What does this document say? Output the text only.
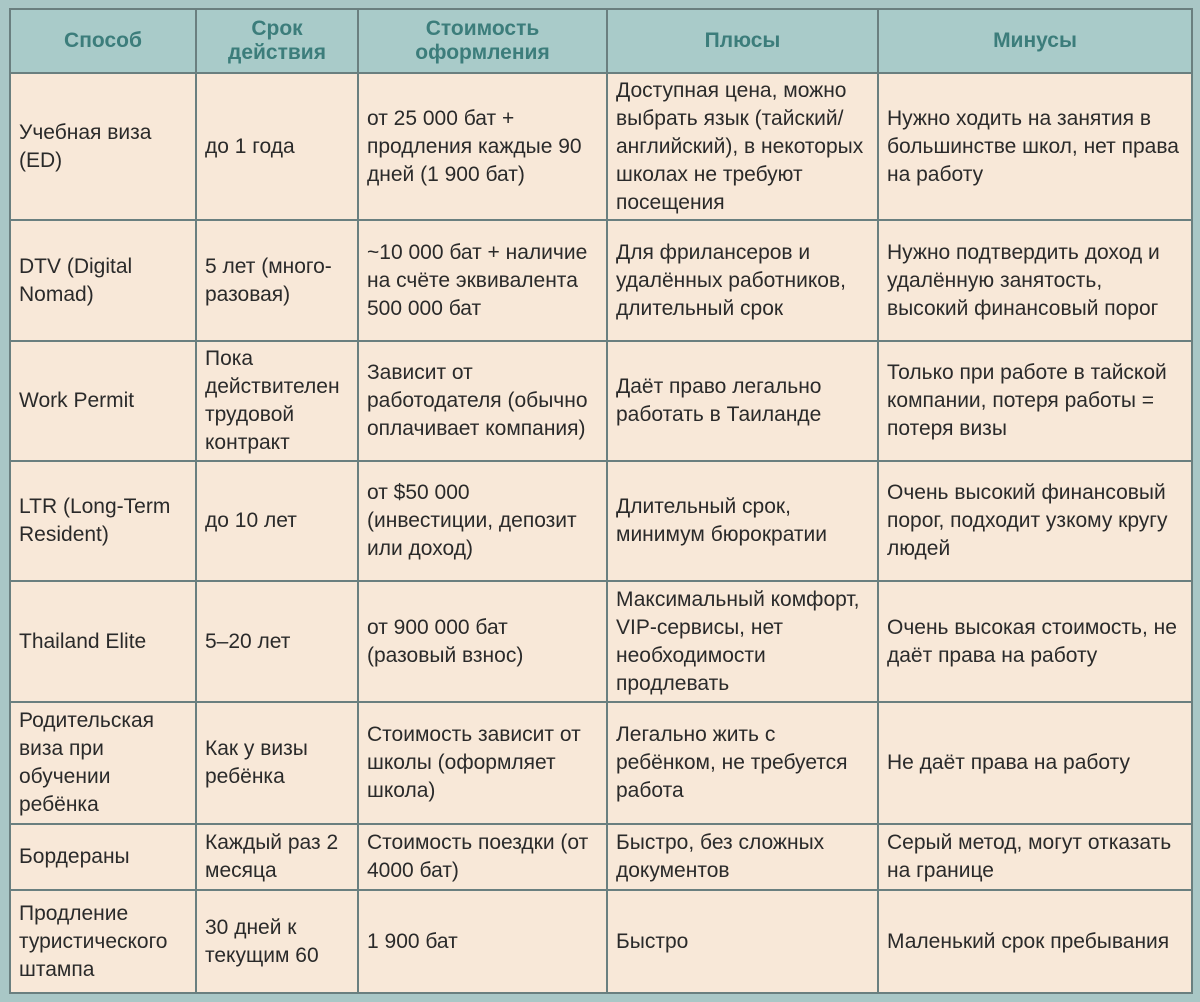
Способ	Срок действия	Стоимость оформления	Плюсы	Минусы
Учебная виза (ED)	до 1 года	от 25 000 бат + продления каждые 90 дней (1 900 бат)	Доступная цена, можно выбрать язык (тайский/английский), в некоторых школах не требуют посещения	Нужно ходить на занятия в большинстве школ, нет права на работу
DTV (Digital Nomad)	5 лет (много-разовая)	~10 000 бат + наличие на счёте эквивалента 500 000 бат	Для фрилансеров и удалённых работников, длительный срок	Нужно подтвердить доход и удалённую занятость, высокий финансовый порог
Work Permit	Пока действителен трудовой контракт	Зависит от работодателя (обычно оплачивает компания)	Даёт право легально работать в Таиланде	Только при работе в тайской компании, потеря работы = потеря визы
LTR (Long-Term Resident)	до 10 лет	от $50 000 (инвестиции, депозит или доход)	Длительный срок, минимум бюрократии	Очень высокий финансовый порог, подходит узкому кругу людей
Thailand Elite	5–20 лет	от 900 000 бат (разовый взнос)	Максимальный комфорт, VIP-сервисы, нет необходимости продлевать	Очень высокая стоимость, не даёт права на работу
Родительская виза при обучении ребёнка	Как у визы ребёнка	Стоимость зависит от школы (оформляет школа)	Легально жить с ребёнком, не требуется работа	Не даёт права на работу
Бордераны	Каждый раз 2 месяца	Стоимость поездки (от 4000 бат)	Быстро, без сложных документов	Серый метод, могут отказать на границе
Продление туристического штампа	30 дней к текущим 60	1 900 бат	Быстро	Маленький срок пребывания
